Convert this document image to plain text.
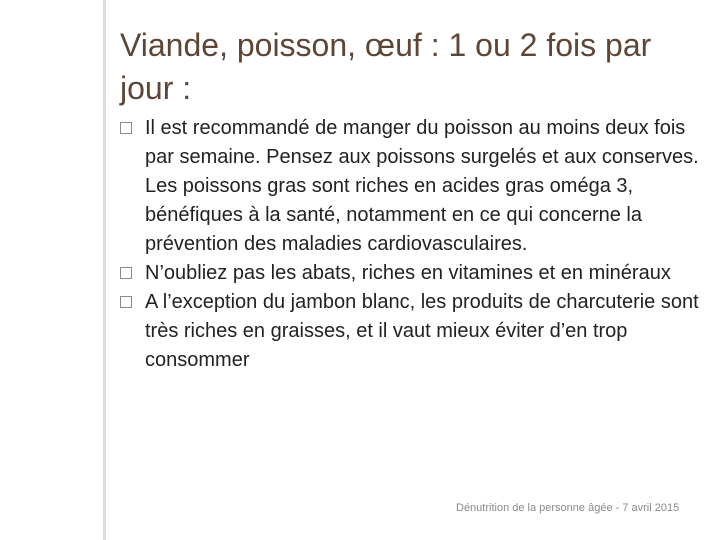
Viande, poisson, œuf : 1 ou 2 fois par jour :
Il est recommandé de manger du poisson au moins deux fois par semaine. Pensez aux poissons surgelés et aux conserves. Les poissons gras sont riches en acides gras oméga 3, bénéfiques à la santé, notamment en ce qui concerne la prévention des maladies cardiovasculaires.
N’oubliez pas les abats, riches en vitamines et en minéraux
A l’exception du jambon blanc, les produits de charcuterie sont très riches en graisses, et il vaut mieux éviter d’en trop consommer
Dénutrition de la personne âgée - 7 avril 2015
